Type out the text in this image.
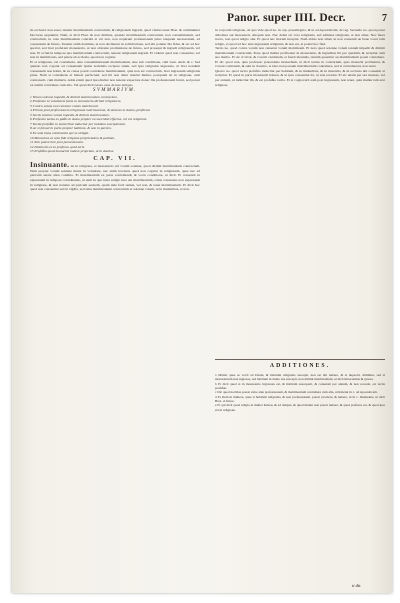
Panor. super IIII. Decr.	7

tis ecclesiæ non esset, tenetur matrimonium contractum, & religionem ingredi, quod clarius tenet Host. & communiter Doctores sequuntur. Nam, et dicit Host. & non dicimus, quando matrimonium contractum, non consummatum, sed contractum, in casu matrimonium contrahi et vel non, non requirunt professionem prius tanquam necessariam, ad consensum de futuro. Tenetur enim dominus, ut non declinetur in sollicitatione, sed ubi ponitur illa fides, & sic ad hoc spectat, sed licet proferant monasteria, ut non obstante promissione de futuro, sed prosequi & ingredi religionem, vel non. Et si fuit in tempore quo matrimonium contractum, tenetur religionem ingredi. Et videtur quod non consentire, vel non in matrimonio, sed petere ab ecclesia, quod non cogatur.

Et si religiosus, vel contrahens, ante consummationem matrimonium, siue sub conditione, cum Ioan. Andr. & c. Sed quando non cogatur ad consensum ipsius Gabrielis recipere suum, sed ipsa religionis ingressus, ut licet nondum consensum non habet, & ex causa possit contrahere matrimonium, quia non est contractum, licet ingressum religionis prius. Nam si contrahens et habeat perfectam, sed ibi non aliter tenetur mulier, postquam sit in religione, cum contraxerit, cum mulieris. Adde etiam quod ipsa mulier non tenetur expectare donec ille professionem faciat, sed potest ex statim contrahere cum alio. Vel quod dicit Gloss. esse de iure antiquo.

SVMMARIVM.

1 Votum solenne impedit, & dirimit matrimonium contractum.

2 Professio in voluntaria facta in monasterio dirimit religionem.

3 Contra votum non censetur votum matrimonii.

4 Primus post professionem religiosam matrimonium, & amissio in dotem, profitetur.

5 Sortis solenne votum impedit, & dirimit matrimonium.

6 Professio tacita ex paßis in domo propter ea sacerdoti effectus, vel est religionis.

7 Tacita profeßio in mulieribus inducitur per habitum suscipientem.

8 Ac si fuisset in parte propter habitum, & non in partem.

9 Ex sola bona continentia qui se obligat.

10 Monachus ex sola fide religiose proprietatem & pallium.

11 Non potest iure post possessionem.

12 Distinctio et ex professo, quid iuris.

13 Profeßio quod monachis habere propriam, ut in duobus.

CAP. VII.

Insinuante. ita in religione, et monasterio vel votum solenne, quod dirimit matrimonium contractum. Nam propter votum solenne mutat in voluntate, nec enim tractatus quod non cogatur in religionem, quae nec ad paricum aetate alios conditio. Et matrimonium ex parte contrahendi, & vocis conditione, ut dicit. Et consentit in expressum in tempore contrahendo, ut eum in quo iusta religio iura aut matrimonium, cuius consensus non expressum in religione, & non transire ad paricum aetatem, quam inde facit tamen, vel non, & tenet matrimonium. Et dicit hoc quod non consentire sed in vigilia, sed alias matrimonium contractum et solenne votum, ut in mulieribus, et non.

in corporali religione, de quo vide quod no. in cap. praeallegato, & ut ad Apostolicam, de reg. Secundo no. quod potest abbatissa sui monasterii, alioquin non. Nec debet sic vota religionis, sed admissa religionis, si non aliter. Nec mora tracta, non quod religio alia. Et quod nec moram inceptat. Nam abbas non aliud, ut non consentit an bene vocet talis religio, et quod ad hoc ante ingressum religionis, & non est, et potest hoc fieri.

Tertio no. quod contra votum non censetur votum matrimonii. Et nota quod solenne votum tantum impedit & dirimit matrimonium contractum. Pone quod mulier profiteatur in monasterio, & ingreditur ibi per quadrim, & recipitur cum suo marito. Et sic si vivat, & voverit castitatem, et fuerit monialis, tantum quaeritur an matrimonium possit contrahere. Et dic quod non, quia professio praecedens monachum, ut dicit textus in contrarium, quia monachi profitentur, & vovent castitatem, & sunt in claustro, et ideo non possunt matrimonium contrahere, sed si contraherent, non tenet.

Quarto no. quod tacita profeßio inducitur per habitum, & in mulieribus, & in masculis, & in ecclesia ubi consentit et recipitur. Et quod in parte monasterii habeat, & ut ipsa consentiat ita, ut non recedat. Et sic etiam per sex menses, vel per annum, ut inducitur ibi, & est profeßio tacita. Et si cognoverit eam post ingressum, non tenet, quia mulier iam erat religiosa.

ADDITIONES.

a Mulier quae se vovit ad Deum, & habitum religionis suscepit, non est alii nubere, & si nupserit, dirimitur, sed si monasterium non ingressa, sed habitum in domo sua suscepit, non dirimit matrimonium, ut dicit Innocentius & glossa.

b Et dicit quod si in monasterio ingressus est, & habitum susceperit, & consensit per annum, & non recessit, est tacita profeßio.

c Dic quod novitius potest exire ante professionem, & matrimonium contrahere cum alia, ut habetur in c. ad Apostolicam.

d Et idem in muliere, quae si habitum religionis, & non professionem, potest recedere, & nubere, ut in c. Insinuante, ut dicit Host. et Innoc.

e Et qui dicit quod religio ut mulier habeat, & ad tempus, & quod mulier non potest nubere, & quod professa est, & quod ipsa est in religione.

ti dit.
